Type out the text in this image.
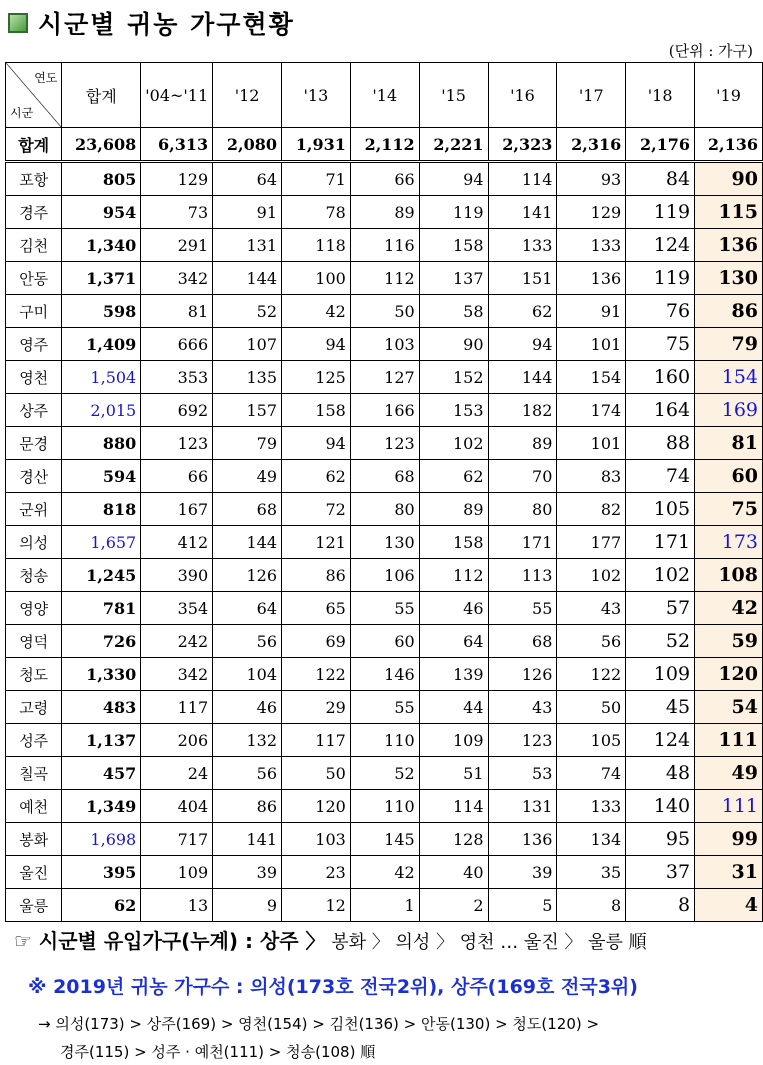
시군별 귀농 가구현황
(단위 : 가구)
연도
시군	합계	'04~'11	'12	'13	'14	'15	'16	'17	'18	'19
합계	23,608	6,313	2,080	1,931	2,112	2,221	2,323	2,316	2,176	2,136
포항	805	129	64	71	66	94	114	93	84	90
경주	954	73	91	78	89	119	141	129	119	115
김천	1,340	291	131	118	116	158	133	133	124	136
안동	1,371	342	144	100	112	137	151	136	119	130
구미	598	81	52	42	50	58	62	91	76	86
영주	1,409	666	107	94	103	90	94	101	75	79
영천	1,504	353	135	125	127	152	144	154	160	154
상주	2,015	692	157	158	166	153	182	174	164	169
문경	880	123	79	94	123	102	89	101	88	81
경산	594	66	49	62	68	62	70	83	74	60
군위	818	167	68	72	80	89	80	82	105	75
의성	1,657	412	144	121	130	158	171	177	171	173
청송	1,245	390	126	86	106	112	113	102	102	108
영양	781	354	64	65	55	46	55	43	57	42
영덕	726	242	56	69	60	64	68	56	52	59
청도	1,330	342	104	122	146	139	126	122	109	120
고령	483	117	46	29	55	44	43	50	45	54
성주	1,137	206	132	117	110	109	123	105	124	111
칠곡	457	24	56	50	52	51	53	74	48	49
예천	1,349	404	86	120	110	114	131	133	140	111
봉화	1,698	717	141	103	145	128	136	134	95	99
울진	395	109	39	23	42	40	39	35	37	31
울릉	62	13	9	12	1	2	5	8	8	4
☞ 시군별 유입가구(누계) : 상주 〉 봉화 〉 의성 〉 영천 … 울진 〉 울릉 順
※ 2019년 귀농 가구수 : 의성(173호 전국2위), 상주(169호 전국3위)
→ 의성(173) > 상주(169) > 영천(154) > 김천(136) > 안동(130) > 청도(120) >
경주(115) > 성주 · 예천(111) > 청송(108) 順
